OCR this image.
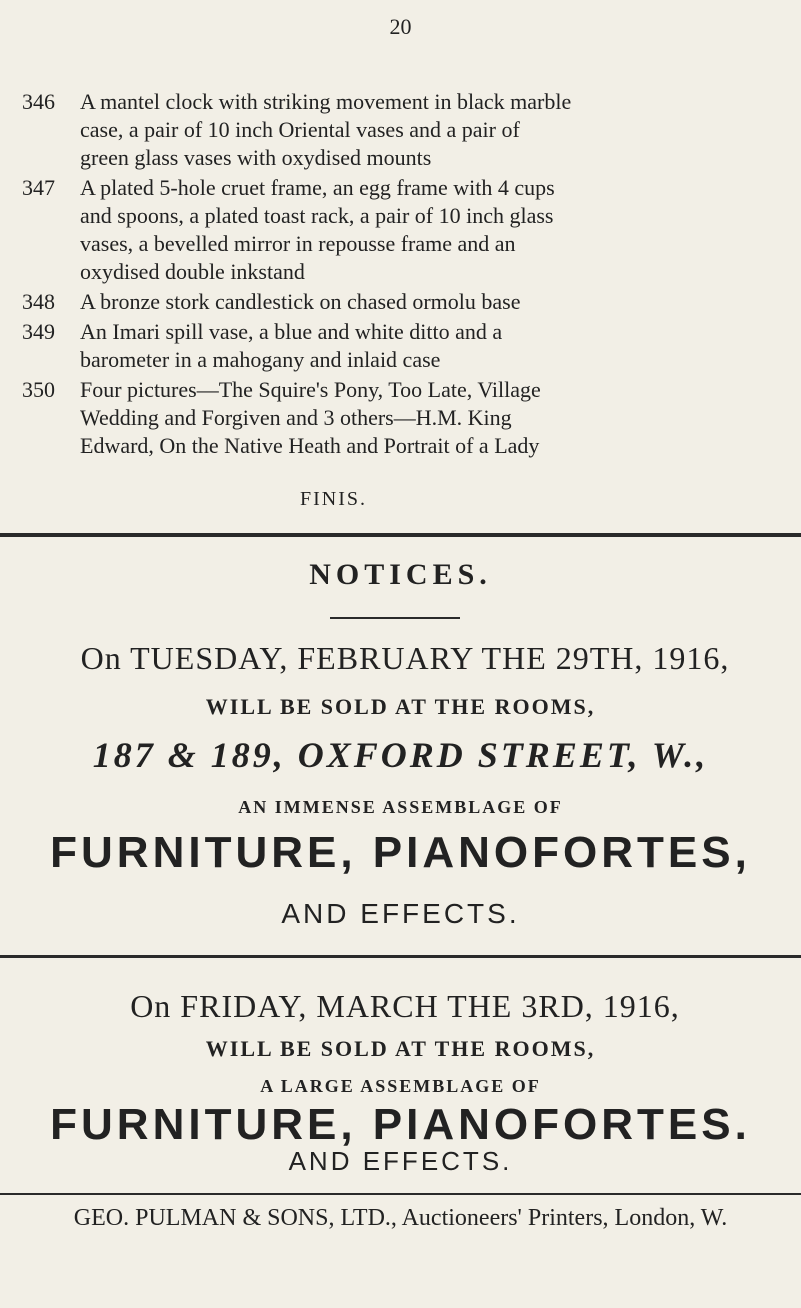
20
346	A mantel clock with striking movement in black marble
case, a pair of 10 inch Oriental vases and a pair of
green glass vases with oxydised mounts
347	A plated 5-hole cruet frame, an egg frame with 4 cups
and spoons, a plated toast rack, a pair of 10 inch glass
vases, a bevelled mirror in repousse frame and an
oxydised double inkstand
348	A bronze stork candlestick on chased ormolu base
349	An Imari spill vase, a blue and white ditto and a
barometer in a mahogany and inlaid case
350	Four pictures—The Squire's Pony, Too Late, Village
Wedding and Forgiven and 3 others—H.M. King
Edward, On the Native Heath and Portrait of a Lady
FINIS.
NOTICES.
On TUESDAY, FEBRUARY THE 29TH, 1916,
WILL BE SOLD AT THE ROOMS,
187 & 189, OXFORD STREET, W.,
AN IMMENSE ASSEMBLAGE OF
FURNITURE, PIANOFORTES,
AND EFFECTS.
On FRIDAY, MARCH THE 3RD, 1916,
WILL BE SOLD AT THE ROOMS,
A LARGE ASSEMBLAGE OF
FURNITURE, PIANOFORTES.
AND EFFECTS.
GEO. PULMAN & SONS, LTD., Auctioneers' Printers, London, W.
